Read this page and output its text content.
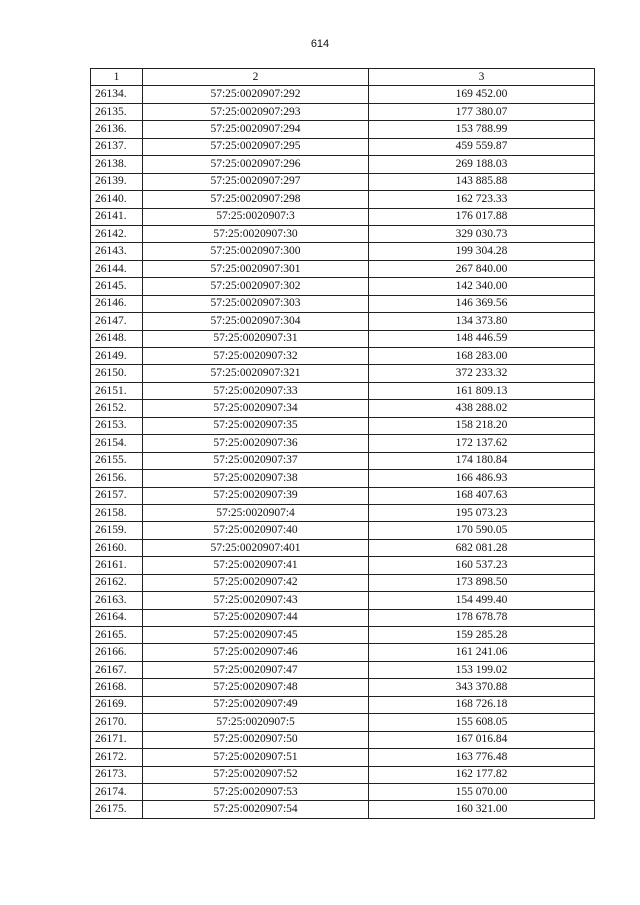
614
1	2	3
26134.	57:25:0020907:292	169 452.00
26135.	57:25:0020907:293	177 380.07
26136.	57:25:0020907:294	153 788.99
26137.	57:25:0020907:295	459 559.87
26138.	57:25:0020907:296	269 188.03
26139.	57:25:0020907:297	143 885.88
26140.	57:25:0020907:298	162 723.33
26141.	57:25:0020907:3	176 017.88
26142.	57:25:0020907:30	329 030.73
26143.	57:25:0020907:300	199 304.28
26144.	57:25:0020907:301	267 840.00
26145.	57:25:0020907:302	142 340.00
26146.	57:25:0020907:303	146 369.56
26147.	57:25:0020907:304	134 373.80
26148.	57:25:0020907:31	148 446.59
26149.	57:25:0020907:32	168 283.00
26150.	57:25:0020907:321	372 233.32
26151.	57:25:0020907:33	161 809.13
26152.	57:25:0020907:34	438 288.02
26153.	57:25:0020907:35	158 218.20
26154.	57:25:0020907:36	172 137.62
26155.	57:25:0020907:37	174 180.84
26156.	57:25:0020907:38	166 486.93
26157.	57:25:0020907:39	168 407.63
26158.	57:25:0020907:4	195 073.23
26159.	57:25:0020907:40	170 590.05
26160.	57:25:0020907:401	682 081.28
26161.	57:25:0020907:41	160 537.23
26162.	57:25:0020907:42	173 898.50
26163.	57:25:0020907:43	154 499.40
26164.	57:25:0020907:44	178 678.78
26165.	57:25:0020907:45	159 285.28
26166.	57:25:0020907:46	161 241.06
26167.	57:25:0020907:47	153 199.02
26168.	57:25:0020907:48	343 370.88
26169.	57:25:0020907:49	168 726.18
26170.	57:25:0020907:5	155 608.05
26171.	57:25:0020907:50	167 016.84
26172.	57:25:0020907:51	163 776.48
26173.	57:25:0020907:52	162 177.82
26174.	57:25:0020907:53	155 070.00
26175.	57:25:0020907:54	160 321.00
